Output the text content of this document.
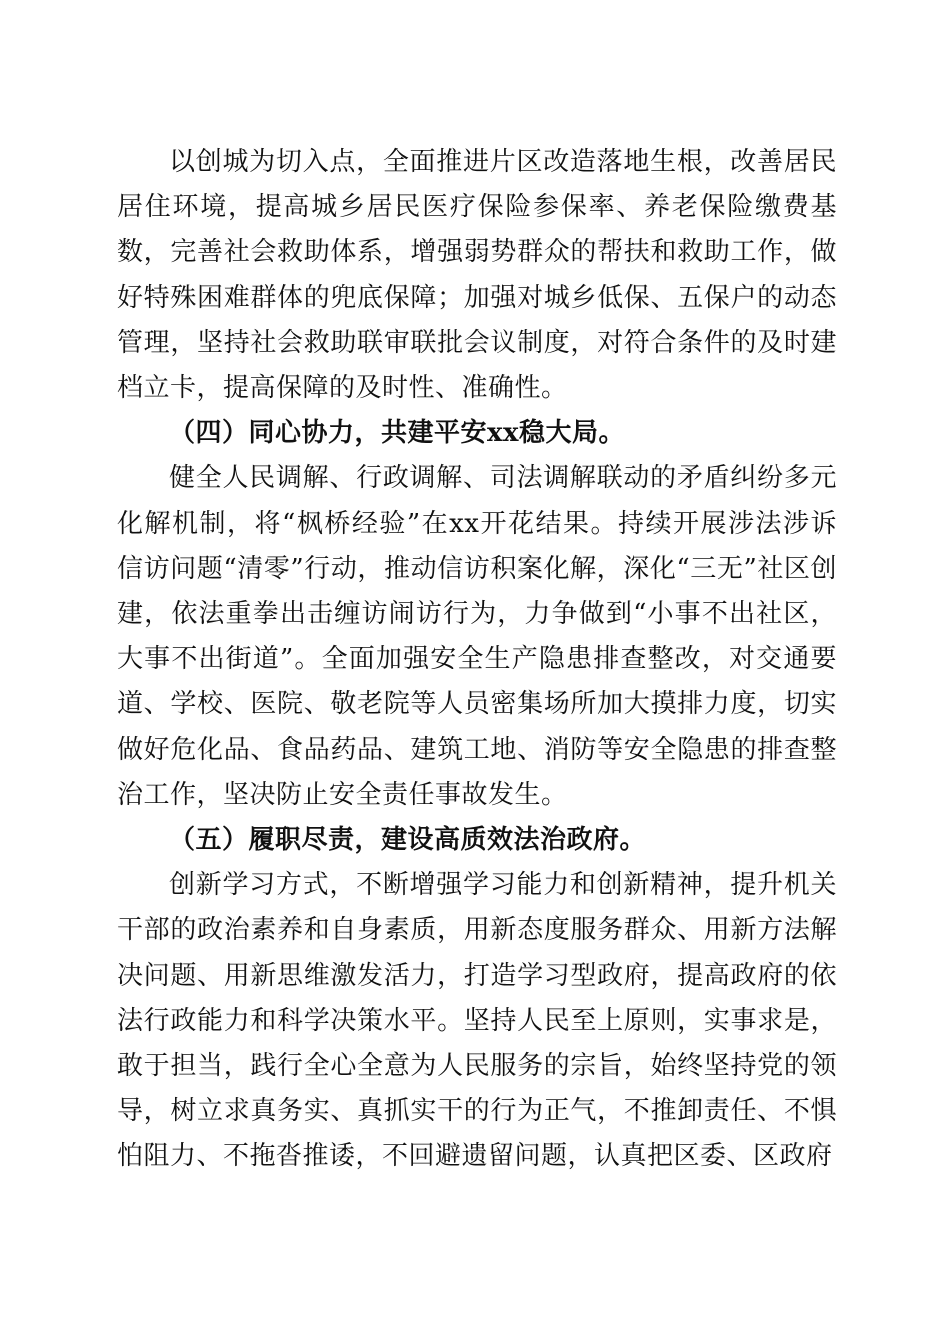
以创城为切入点，全面推进片区改造落地生根，改善居民居住环境，提高城乡居民医疗保险参保率、养老保险缴费基数，完善社会救助体系，增强弱势群众的帮扶和救助工作，做好特殊困难群体的兜底保障；加强对城乡低保、五保户的动态管理，坚持社会救助联审联批会议制度，对符合条件的及时建档立卡，提高保障的及时性、准确性。

（四）同心协力，共建平安xx稳大局。

健全人民调解、行政调解、司法调解联动的矛盾纠纷多元化解机制，将“枫桥经验”在xx开花结果。持续开展涉法涉诉信访问题“清零”行动，推动信访积案化解，深化“三无”社区创建，依法重拳出击缠访闹访行为，力争做到“小事不出社区，大事不出街道”。全面加强安全生产隐患排查整改，对交通要道、学校、医院、敬老院等人员密集场所加大摸排力度，切实做好危化品、食品药品、建筑工地、消防等安全隐患的排查整治工作，坚决防止安全责任事故发生。

（五）履职尽责，建设高质效法治政府。

创新学习方式，不断增强学习能力和创新精神，提升机关干部的政治素养和自身素质，用新态度服务群众、用新方法解决问题、用新思维激发活力，打造学习型政府，提高政府的依法行政能力和科学决策水平。坚持人民至上原则，实事求是，敢于担当，践行全心全意为人民服务的宗旨，始终坚持党的领导，树立求真务实、真抓实干的行为正气，不推卸责任、不惧怕阻力、不拖沓推诿，不回避遗留问题，认真把区委、区政府
